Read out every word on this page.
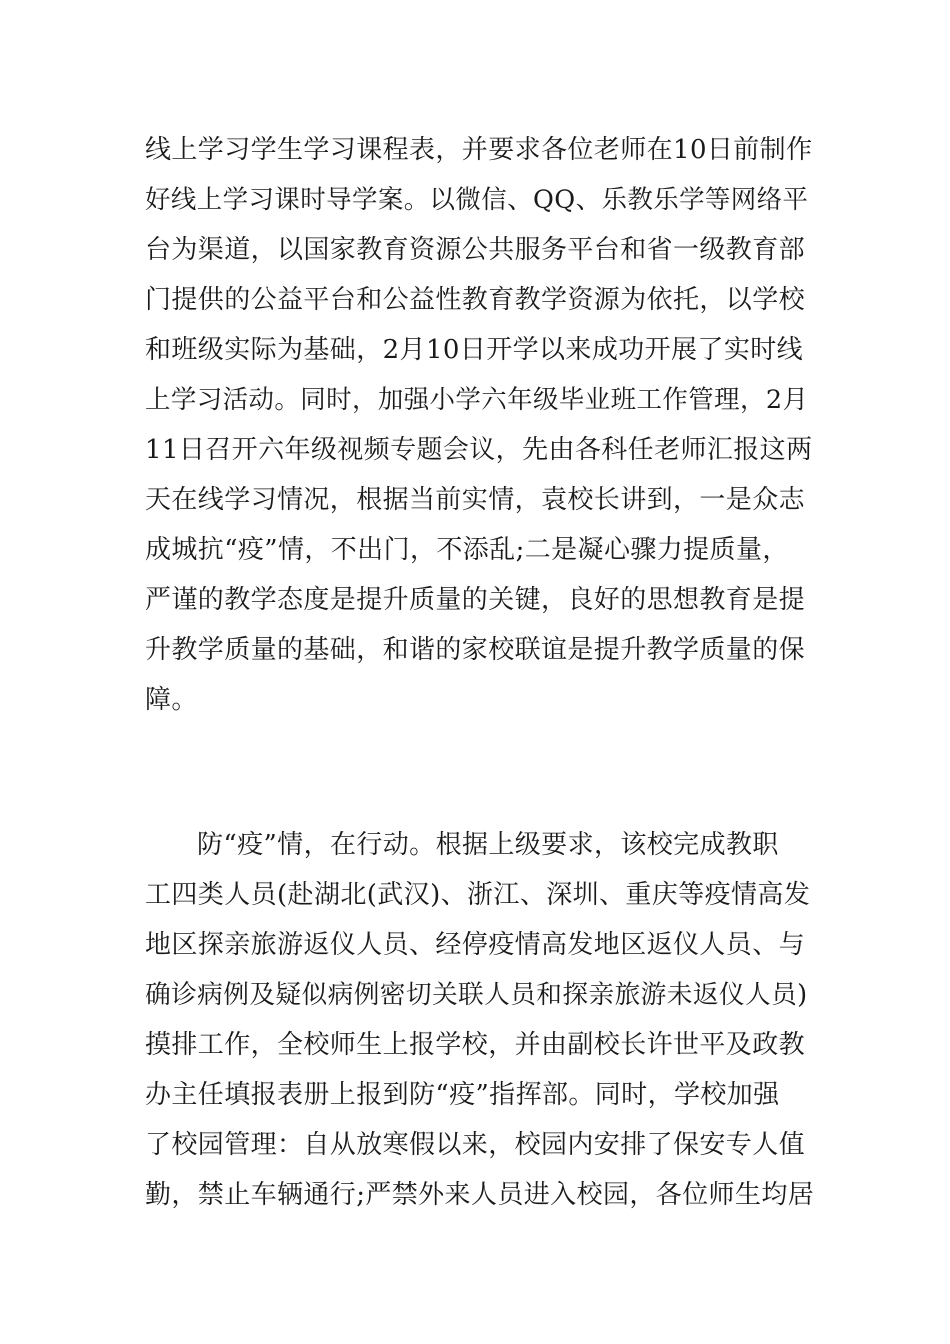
线上学习学生学习课程表，并要求各位老师在10日前制作
好线上学习课时导学案。以微信、QQ、乐教乐学等网络平
台为渠道，以国家教育资源公共服务平台和省一级教育部
门提供的公益平台和公益性教育教学资源为依托，以学校
和班级实际为基础，2月10日开学以来成功开展了实时线
上学习活动。同时，加强小学六年级毕业班工作管理，2月
11日召开六年级视频专题会议，先由各科任老师汇报这两
天在线学习情况，根据当前实情，袁校长讲到，一是众志
成城抗“疫”情，不出门，不添乱;二是凝心骤力提质量，
严谨的教学态度是提升质量的关键，良好的思想教育是提
升教学质量的基础，和谐的家校联谊是提升教学质量的保
障。
防“疫”情，在行动。根据上级要求，该校完成教职
工四类人员(赴湖北(武汉)、浙江、深圳、重庆等疫情高发
地区探亲旅游返仪人员、经停疫情高发地区返仪人员、与
确诊病例及疑似病例密切关联人员和探亲旅游未返仪人员)
摸排工作，全校师生上报学校，并由副校长许世平及政教
办主任填报表册上报到防“疫”指挥部。同时，学校加强
了校园管理：自从放寒假以来，校园内安排了保安专人值
勤，禁止车辆通行;严禁外来人员进入校园，各位师生均居
